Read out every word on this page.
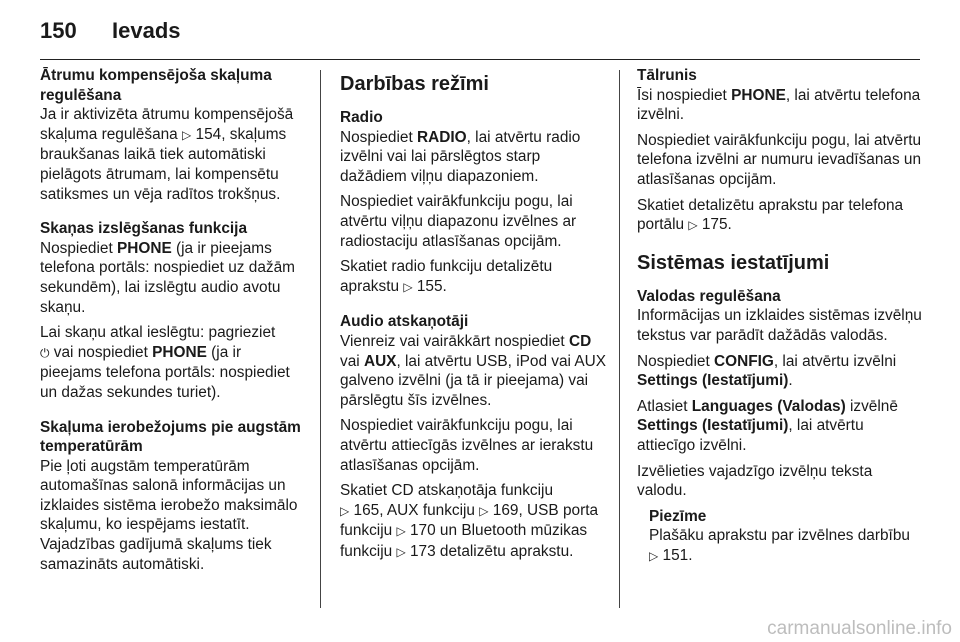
150	Ievads

Ātrumu kompensējoša skaļuma regulēšana

Ja ir aktivizēta ātrumu kompensējošā skaļuma regulēšana ▷ 154, skaļums braukšanas laikā tiek automātiski pielāgots ātrumam, lai kompensētu satiksmes un vēja radītos trokšņus.

Skaņas izslēgšanas funkcija

Nospiediet PHONE (ja ir pieejams telefona portāls: nospiediet uz dažām sekundēm), lai izslēgtu audio avotu skaņu.

Lai skaņu atkal ieslēgtu: pagrieziet
⏻ vai nospiediet PHONE (ja ir pieejams telefona portāls: nospiediet un dažas sekundes turiet).

Skaļuma ierobežojums pie augstām temperatūrām

Pie ļoti augstām temperatūrām automašīnas salonā informācijas un izklaides sistēma ierobežo maksimālo skaļumu, ko iespējams iestatīt. Vajadzības gadījumā skaļums tiek samazināts automātiski.

Darbības režīmi

Radio

Nospiediet RADIO, lai atvērtu radio izvēlni vai lai pārslēgtos starp dažādiem viļņu diapazoniem.

Nospiediet vairākfunkciju pogu, lai atvērtu viļņu diapazonu izvēlnes ar radiostaciju atlasīšanas opcijām.

Skatiet radio funkciju detalizētu aprakstu ▷ 155.

Audio atskaņotāji

Vienreiz vai vairākkārt nospiediet CD vai AUX, lai atvērtu USB, iPod vai AUX galveno izvēlni (ja tā ir pieejama) vai pārslēgtu šīs izvēlnes.

Nospiediet vairākfunkciju pogu, lai atvērtu attiecīgās izvēlnes ar ierakstu atlasīšanas opcijām.

Skatiet CD atskaņotāja funkciju
▷ 165, AUX funkciju ▷ 169, USB porta funkciju ▷ 170 un Bluetooth mūzikas funkciju ▷ 173 detalizētu aprakstu.

Tālrunis

Īsi nospiediet PHONE, lai atvērtu telefona izvēlni.

Nospiediet vairākfunkciju pogu, lai atvērtu telefona izvēlni ar numuru ievadīšanas un atlasīšanas opcijām.

Skatiet detalizētu aprakstu par telefona portālu ▷ 175.

Sistēmas iestatījumi

Valodas regulēšana

Informācijas un izklaides sistēmas izvēlņu tekstus var parādīt dažādās valodās.

Nospiediet CONFIG, lai atvērtu izvēlni Settings (Iestatījumi).

Atlasiet Languages (Valodas) izvēlnē Settings (Iestatījumi), lai atvērtu attiecīgo izvēlni.

Izvēlieties vajadzīgo izvēlņu teksta valodu.

Piezīme

Plašāku aprakstu par izvēlnes darbību ▷ 151.

carmanualsonline.info
